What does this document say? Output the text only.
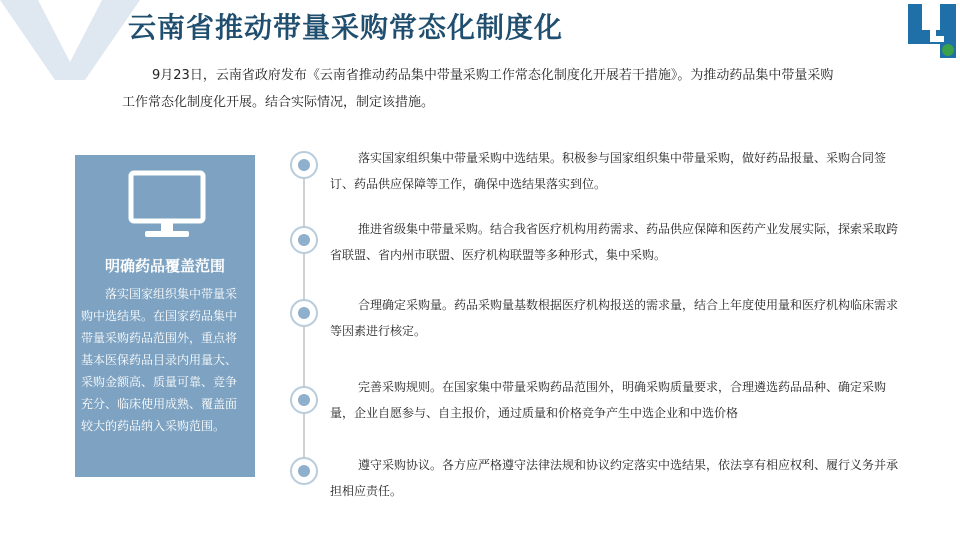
云南省推动带量采购常态化制度化

9月23日，云南省政府发布《云南省推动药品集中带量采购工作常态化制度化开展若干措施》。为推动药品集中带量采购工作常态化制度化开展。结合实际情况，制定该措施。

明确药品覆盖范围

落实国家组织集中带量采购中选结果。在国家药品集中带量采购药品范围外，重点将基本医保药品目录内用量大、采购金额高、质量可靠、竞争充分、临床使用成熟、覆盖面较大的药品纳入采购范围。

落实国家组织集中带量采购中选结果。积极参与国家组织集中带量采购，做好药品报量、采购合同签订、药品供应保障等工作，确保中选结果落实到位。

推进省级集中带量采购。结合我省医疗机构用药需求、药品供应保障和医药产业发展实际，探索采取跨省联盟、省内州市联盟、医疗机构联盟等多种形式，集中采购。

合理确定采购量。药品采购量基数根据医疗机构报送的需求量，结合上年度使用量和医疗机构临床需求等因素进行核定。

完善采购规则。在国家集中带量采购药品范围外，明确采购质量要求，合理遴选药品品种、确定采购量，企业自愿参与、自主报价，通过质量和价格竞争产生中选企业和中选价格

遵守采购协议。各方应严格遵守法律法规和协议约定落实中选结果，依法享有相应权利、履行义务并承担相应责任。
